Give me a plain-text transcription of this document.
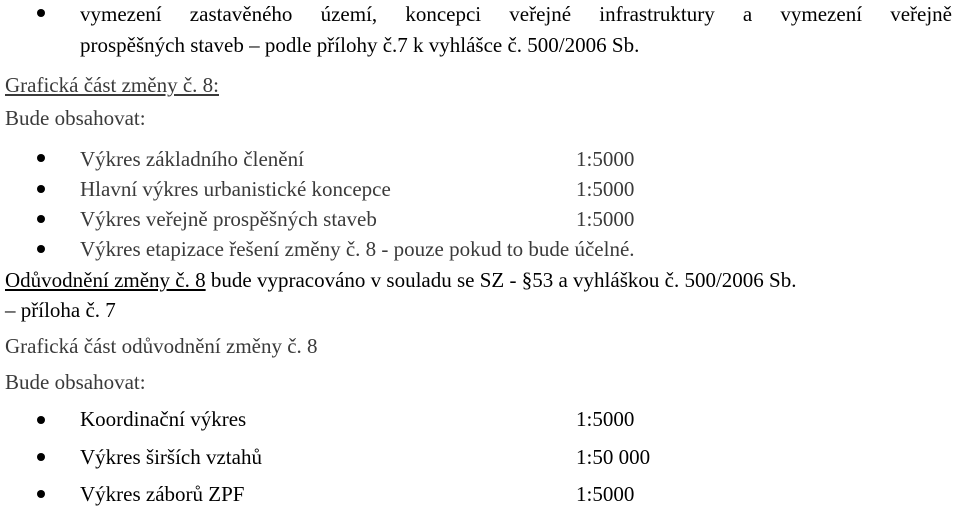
vymezení zastavěného území, koncepci veřejné infrastruktury a vymezení veřejně
prospěšných staveb – podle přílohy č.7 k vyhlášce č. 500/2006 Sb.
Grafická část změny č. 8:
Bude obsahovat:
Výkres základního členění	1:5000
Hlavní výkres urbanistické koncepce	1:5000
Výkres veřejně prospěšných staveb	1:5000
Výkres etapizace řešení změny č. 8 - pouze pokud to bude účelné.
Odůvodnění změny č. 8 bude vypracováno v souladu se SZ - §53 a vyhláškou č. 500/2006 Sb.
– příloha č. 7
Grafická část odůvodnění změny č. 8
Bude obsahovat:
Koordinační výkres	1:5000
Výkres širších vztahů	1:50 000
Výkres záborů ZPF	1:5000
